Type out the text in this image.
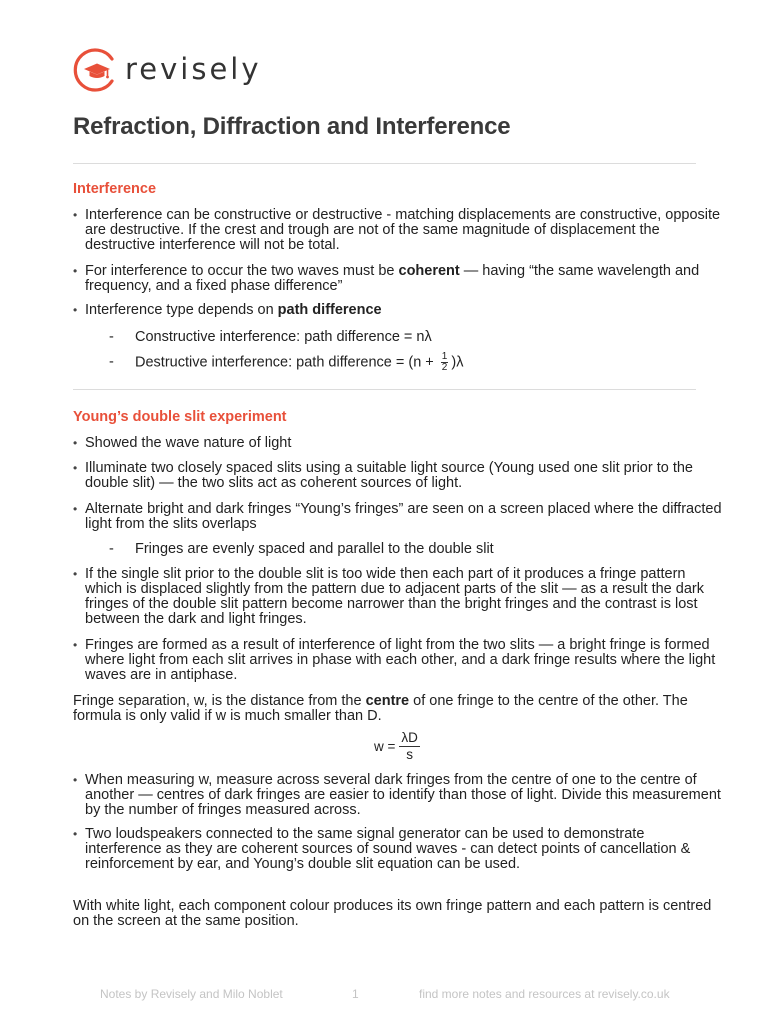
revisely
Refraction, Diffraction and Interference
Interference
• Interference can be constructive or destructive - matching displacements are constructive, opposite are destructive. If the crest and trough are not of the same magnitude of displacement the destructive interference will not be total.
• For interference to occur the two waves must be coherent — having “the same wavelength and frequency, and a fixed phase difference”
• Interference type depends on path difference
- Constructive interference: path difference = nλ
- Destructive interference: path difference = $(n + \frac{1}{2} )\lambda$
Young’s double slit experiment
• Showed the wave nature of light
• Illuminate two closely spaced slits using a suitable light source (Young used one slit prior to the double slit) — the two slits act as coherent sources of light.
• Alternate bright and dark fringes “Young’s fringes” are seen on a screen placed where the diffracted light from the slits overlaps
- Fringes are evenly spaced and parallel to the double slit
• If the single slit prior to the double slit is too wide then each part of it produces a fringe pattern which is displaced slightly from the pattern due to adjacent parts of the slit — as a result the dark fringes of the double slit pattern become narrower than the bright fringes and the contrast is lost between the dark and light fringes.
• Fringes are formed as a result of interference of light from the two slits — a bright fringe is formed where light from each slit arrives in phase with each other, and a dark fringe results where the light waves are in antiphase.

Fringe separation, w, is the distance from the centre of one fringe to the centre of the other. The formula is only valid if w is much smaller than D.

$w = \frac{\lambda D}{s}$
• When measuring w, measure across several dark fringes from the centre of one to the centre of another — centres of dark fringes are easier to identify than those of light. Divide this measurement by the number of fringes measured across.
• Two loudspeakers connected to the same signal generator can be used to demonstrate interference as they are coherent sources of sound waves - can detect points of cancellation & reinforcement by ear, and Young’s double slit equation can be used.

With white light, each component colour produces its own fringe pattern and each pattern is centred on the screen at the same position.

Notes by Revisely and Milo Noblet	1	find more notes and resources at revisely.co.uk
